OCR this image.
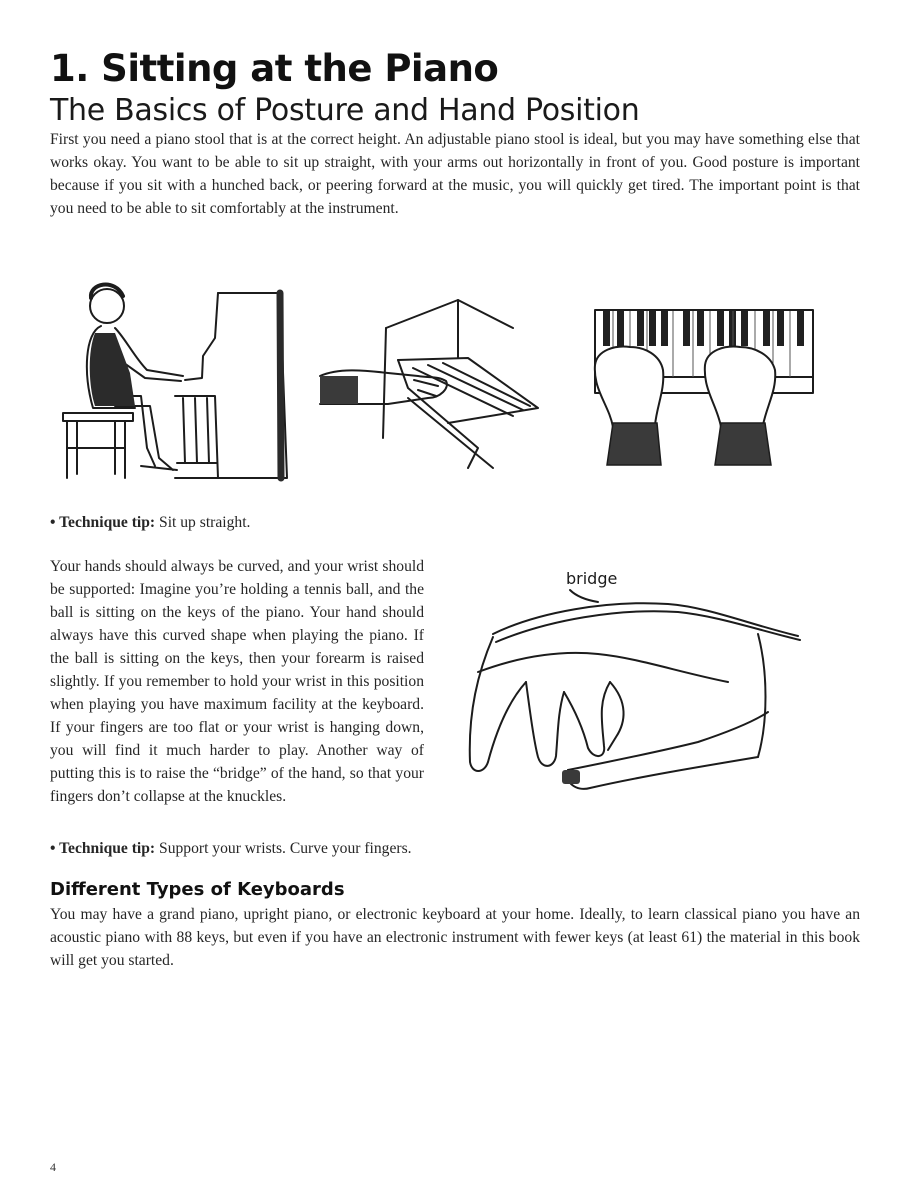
1. Sitting at the Piano
The Basics of Posture and Hand Position

First you need a piano stool that is at the correct height. An adjustable piano stool is ideal, but you may have something else that works okay. You want to be able to sit up straight, with your arms out horizontally in front of you. Good posture is important because if you sit with a hunched back, or peering forward at the music, you will quickly get tired. The important point is that you need to be able to sit comfortably at the instrument.

• Technique tip: Sit up straight.

Your hands should always be curved, and your wrist should be supported: Imagine you’re holding a tennis ball, and the ball is sitting on the keys of the piano. Your hand should always have this curved shape when playing the piano. If the ball is sitting on the keys, then your forearm is raised slightly. If you remember to hold your wrist in this position when playing you have maximum facility at the keyboard. If your fingers are too flat or your wrist is hanging down, you will find it much harder to play. Another way of putting this is to raise the “bridge” of the hand, so that your fingers don’t collapse at the knuckles.

bridge

• Technique tip: Support your wrists. Curve your fingers.

Different Types of Keyboards

You may have a grand piano, upright piano, or electronic keyboard at your home. Ideally, to learn classical piano you have an acoustic piano with 88 keys, but even if you have an electronic instrument with fewer keys (at least 61) the material in this book will get you started.

4
